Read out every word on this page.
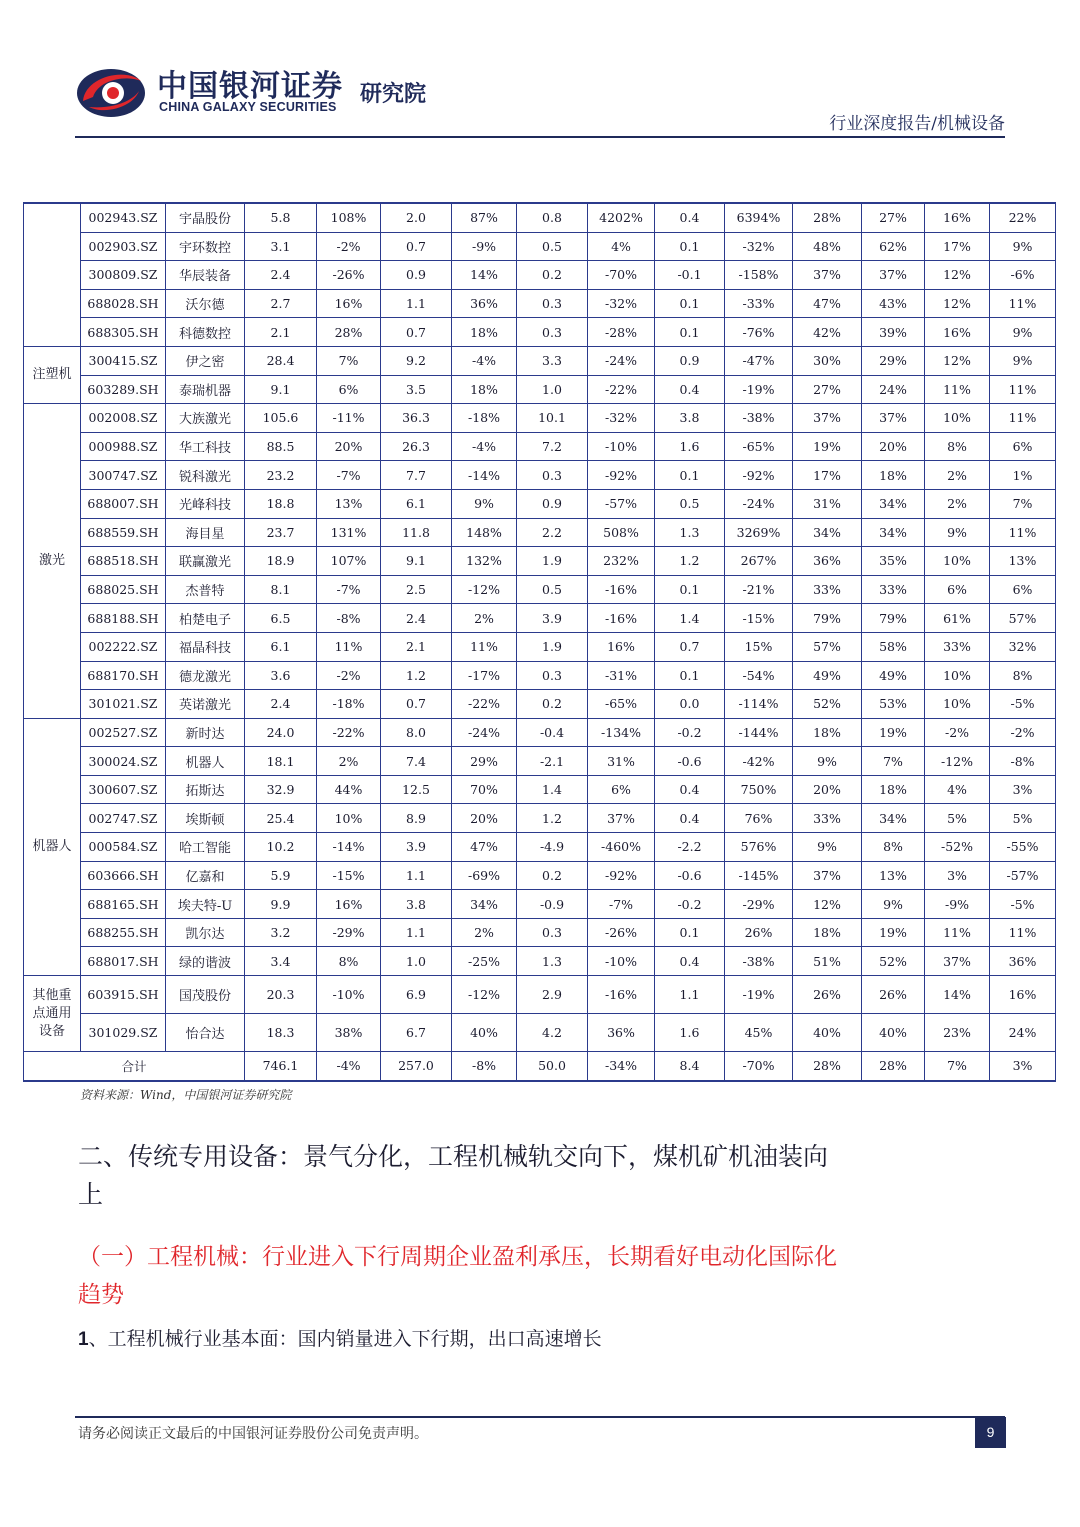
中国银河证券
CHINA GALAXY SECURITIES 研究院
行业深度报告/机械设备
	002943.SZ	宇晶股份	5.8	108%	2.0	87%	0.8	4202%	0.4	6394%	28%	27%	16%	22%
	002903.SZ	宇环数控	3.1	-2%	0.7	-9%	0.5	4%	0.1	-32%	48%	62%	17%	9%
	300809.SZ	华辰装备	2.4	-26%	0.9	14%	0.2	-70%	-0.1	-158%	37%	37%	12%	-6%
	688028.SH	沃尔德	2.7	16%	1.1	36%	0.3	-32%	0.1	-33%	47%	43%	12%	11%
	688305.SH	科德数控	2.1	28%	0.7	18%	0.3	-28%	0.1	-76%	42%	39%	16%	9%
注塑机	300415.SZ	伊之密	28.4	7%	9.2	-4%	3.3	-24%	0.9	-47%	30%	29%	12%	9%
	603289.SH	泰瑞机器	9.1	6%	3.5	18%	1.0	-22%	0.4	-19%	27%	24%	11%	11%
激光	002008.SZ	大族激光	105.6	-11%	36.3	-18%	10.1	-32%	3.8	-38%	37%	37%	10%	11%
	000988.SZ	华工科技	88.5	20%	26.3	-4%	7.2	-10%	1.6	-65%	19%	20%	8%	6%
	300747.SZ	锐科激光	23.2	-7%	7.7	-14%	0.3	-92%	0.1	-92%	17%	18%	2%	1%
	688007.SH	光峰科技	18.8	13%	6.1	9%	0.9	-57%	0.5	-24%	31%	34%	2%	7%
	688559.SH	海目星	23.7	131%	11.8	148%	2.2	508%	1.3	3269%	34%	34%	9%	11%
	688518.SH	联赢激光	18.9	107%	9.1	132%	1.9	232%	1.2	267%	36%	35%	10%	13%
	688025.SH	杰普特	8.1	-7%	2.5	-12%	0.5	-16%	0.1	-21%	33%	33%	6%	6%
	688188.SH	柏楚电子	6.5	-8%	2.4	2%	3.9	-16%	1.4	-15%	79%	79%	61%	57%
	002222.SZ	福晶科技	6.1	11%	2.1	11%	1.9	16%	0.7	15%	57%	58%	33%	32%
	688170.SH	德龙激光	3.6	-2%	1.2	-17%	0.3	-31%	0.1	-54%	49%	49%	10%	8%
	301021.SZ	英诺激光	2.4	-18%	0.7	-22%	0.2	-65%	0.0	-114%	52%	53%	10%	-5%
机器人	002527.SZ	新时达	24.0	-22%	8.0	-24%	-0.4	-134%	-0.2	-144%	18%	19%	-2%	-2%
	300024.SZ	机器人	18.1	2%	7.4	29%	-2.1	31%	-0.6	-42%	9%	7%	-12%	-8%
	300607.SZ	拓斯达	32.9	44%	12.5	70%	1.4	6%	0.4	750%	20%	18%	4%	3%
	002747.SZ	埃斯顿	25.4	10%	8.9	20%	1.2	37%	0.4	76%	33%	34%	5%	5%
	000584.SZ	哈工智能	10.2	-14%	3.9	47%	-4.9	-460%	-2.2	576%	9%	8%	-52%	-55%
	603666.SH	亿嘉和	5.9	-15%	1.1	-69%	0.2	-92%	-0.6	-145%	37%	13%	3%	-57%
	688165.SH	埃夫特-U	9.9	16%	3.8	34%	-0.9	-7%	-0.2	-29%	12%	9%	-9%	-5%
	688255.SH	凯尔达	3.2	-29%	1.1	2%	0.3	-26%	0.1	26%	18%	19%	11%	11%
	688017.SH	绿的谐波	3.4	8%	1.0	-25%	1.3	-10%	0.4	-38%	51%	52%	37%	36%
其他重点通用设备	603915.SH	国茂股份	20.3	-10%	6.9	-12%	2.9	-16%	1.1	-19%	26%	26%	14%	16%
	301029.SZ	怡合达	18.3	38%	6.7	40%	4.2	36%	1.6	45%	40%	40%	23%	24%
合计			746.1	-4%	257.0	-8%	50.0	-34%	8.4	-70%	28%	28%	7%	3%
资料来源：Wind，中国银河证券研究院
二、传统专用设备：景气分化，工程机械轨交向下，煤机矿机油装向上
（一）工程机械：行业进入下行周期企业盈利承压，长期看好电动化国际化趋势
1、工程机械行业基本面：国内销量进入下行期，出口高速增长
请务必阅读正文最后的中国银河证券股份公司免责声明。	9
